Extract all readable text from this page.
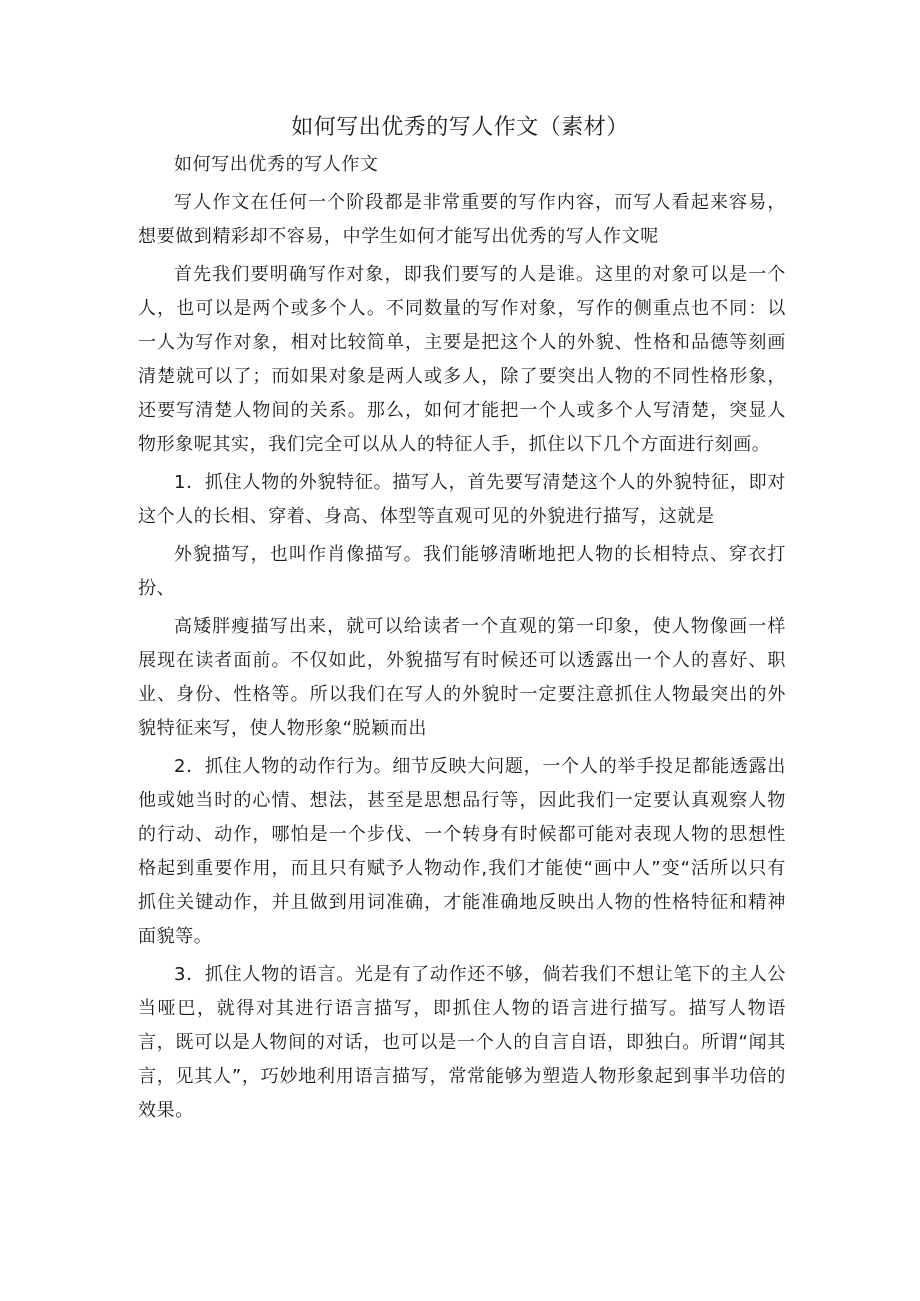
如何写出优秀的写人作文（素材）

如何写出优秀的写人作文

写人作文在任何一个阶段都是非常重要的写作内容，而写人看起来容易，想要做到精彩却不容易，中学生如何才能写出优秀的写人作文呢

首先我们要明确写作对象，即我们要写的人是谁。这里的对象可以是一个人，也可以是两个或多个人。不同数量的写作对象，写作的侧重点也不同：以一人为写作对象，相对比较简单，主要是把这个人的外貌、性格和品德等刻画清楚就可以了；而如果对象是两人或多人，除了要突出人物的不同性格形象，还要写清楚人物间的关系。那么，如何才能把一个人或多个人写清楚，突显人物形象呢其实，我们完全可以从人的特征人手，抓住以下几个方面进行刻画。

1．抓住人物的外貌特征。描写人，首先要写清楚这个人的外貌特征，即对这个人的长相、穿着、身高、体型等直观可见的外貌进行描写，这就是

外貌描写，也叫作肖像描写。我们能够清晰地把人物的长相特点、穿衣打扮、

高矮胖瘦描写出来，就可以给读者一个直观的第一印象，使人物像画一样展现在读者面前。不仅如此，外貌描写有时候还可以透露出一个人的喜好、职业、身份、性格等。所以我们在写人的外貌时一定要注意抓住人物最突出的外貌特征来写，使人物形象“脱颖而出

2．抓住人物的动作行为。细节反映大问题，一个人的举手投足都能透露出他或她当时的心情、想法，甚至是思想品行等，因此我们一定要认真观察人物的行动、动作，哪怕是一个步伐、一个转身有时候都可能对表现人物的思想性格起到重要作用，而且只有赋予人物动作,我们才能使“画中人”变“活所以只有抓住关键动作，并且做到用词准确，才能准确地反映出人物的性格特征和精神面貌等。

3．抓住人物的语言。光是有了动作还不够，倘若我们不想让笔下的主人公当哑巴，就得对其进行语言描写，即抓住人物的语言进行描写。描写人物语言，既可以是人物间的对话，也可以是一个人的自言自语，即独白。所谓“闻其言，见其人”，巧妙地利用语言描写，常常能够为塑造人物形象起到事半功倍的效果。
